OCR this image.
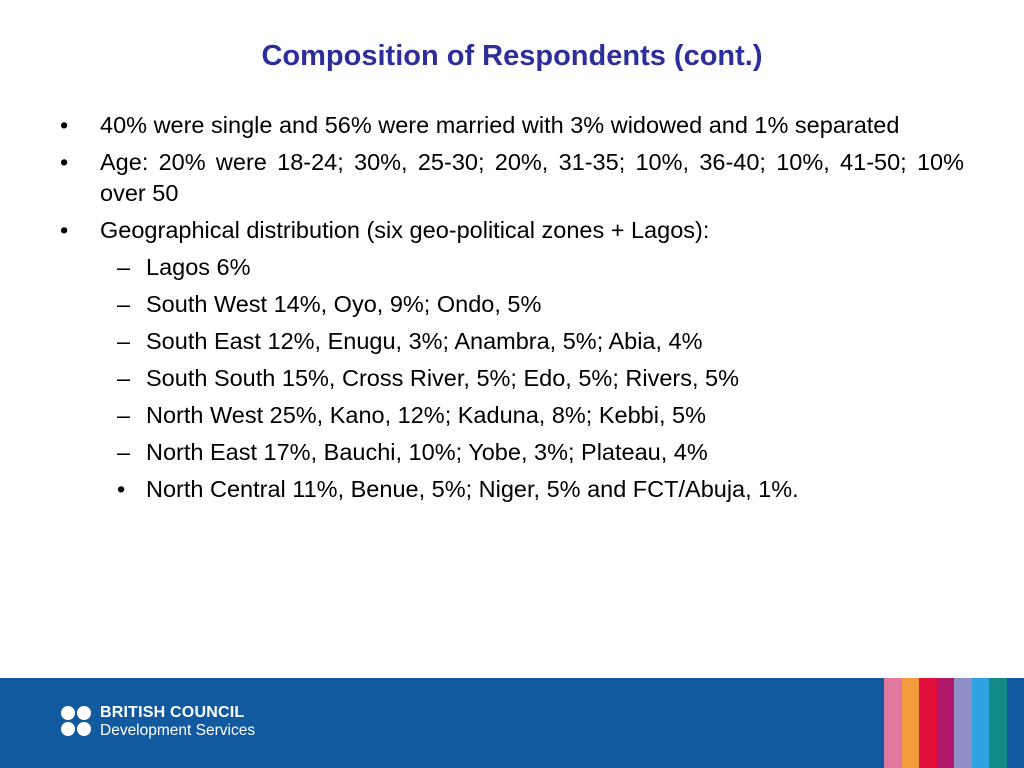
Composition of Respondents (cont.)
•	40% were single and 56% were married with 3% widowed and 1% separated
•	Age: 20% were 18-24; 30%, 25-30; 20%, 31-35; 10%, 36-40; 10%, 41-50; 10% over 50
•	Geographical distribution (six geo-political zones + Lagos):
– Lagos 6%
– South West 14%, Oyo, 9%; Ondo, 5%
– South East 12%, Enugu, 3%; Anambra, 5%; Abia, 4%
– South South 15%, Cross River, 5%; Edo, 5%; Rivers, 5%
– North West 25%, Kano, 12%; Kaduna, 8%; Kebbi, 5%
– North East 17%, Bauchi, 10%; Yobe, 3%; Plateau, 4%
• North Central 11%, Benue, 5%; Niger, 5% and FCT/Abuja, 1%.
BRITISH COUNCIL
Development Services
